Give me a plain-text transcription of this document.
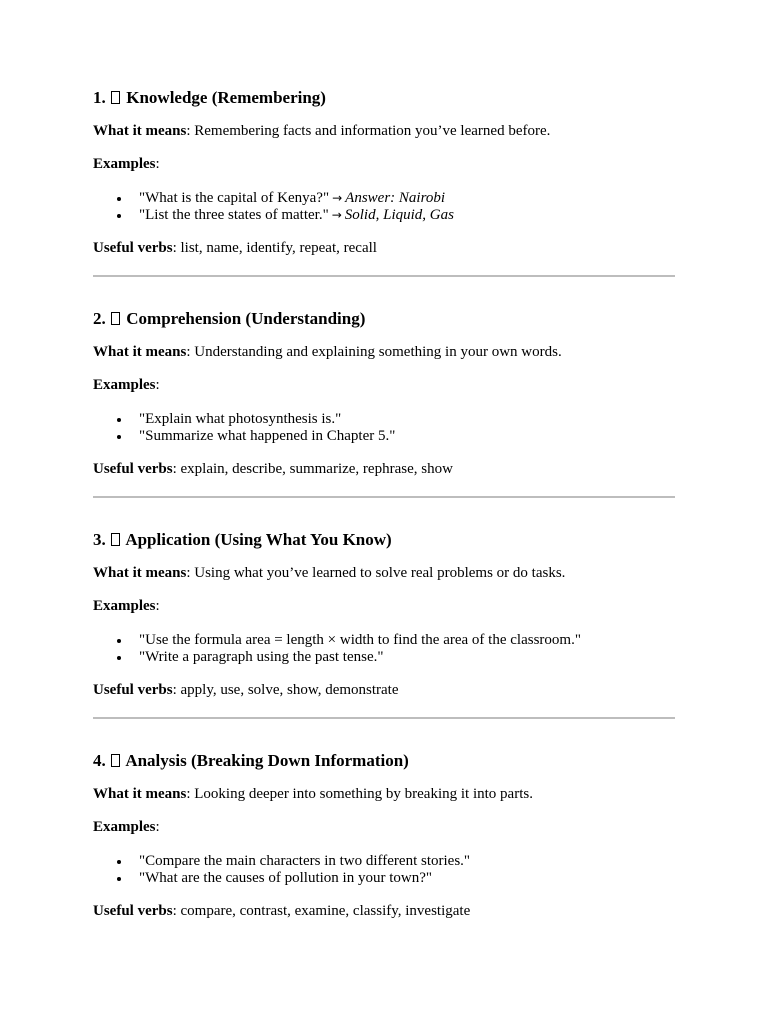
1. Knowledge (Remembering)

What it means: Remembering facts and information you’ve learned before.

Examples:

"What is the capital of Kenya?" → Answer: Nairobi
"List the three states of matter." → Solid, Liquid, Gas

Useful verbs: list, name, identify, repeat, recall

2. Comprehension (Understanding)

What it means: Understanding and explaining something in your own words.

Examples:

"Explain what photosynthesis is."
"Summarize what happened in Chapter 5."

Useful verbs: explain, describe, summarize, rephrase, show

3. Application (Using What You Know)

What it means: Using what you’ve learned to solve real problems or do tasks.

Examples:

"Use the formula area = length × width to find the area of the classroom."
"Write a paragraph using the past tense."

Useful verbs: apply, use, solve, show, demonstrate

4. Analysis (Breaking Down Information)

What it means: Looking deeper into something by breaking it into parts.

Examples:

"Compare the main characters in two different stories."
"What are the causes of pollution in your town?"

Useful verbs: compare, contrast, examine, classify, investigate
